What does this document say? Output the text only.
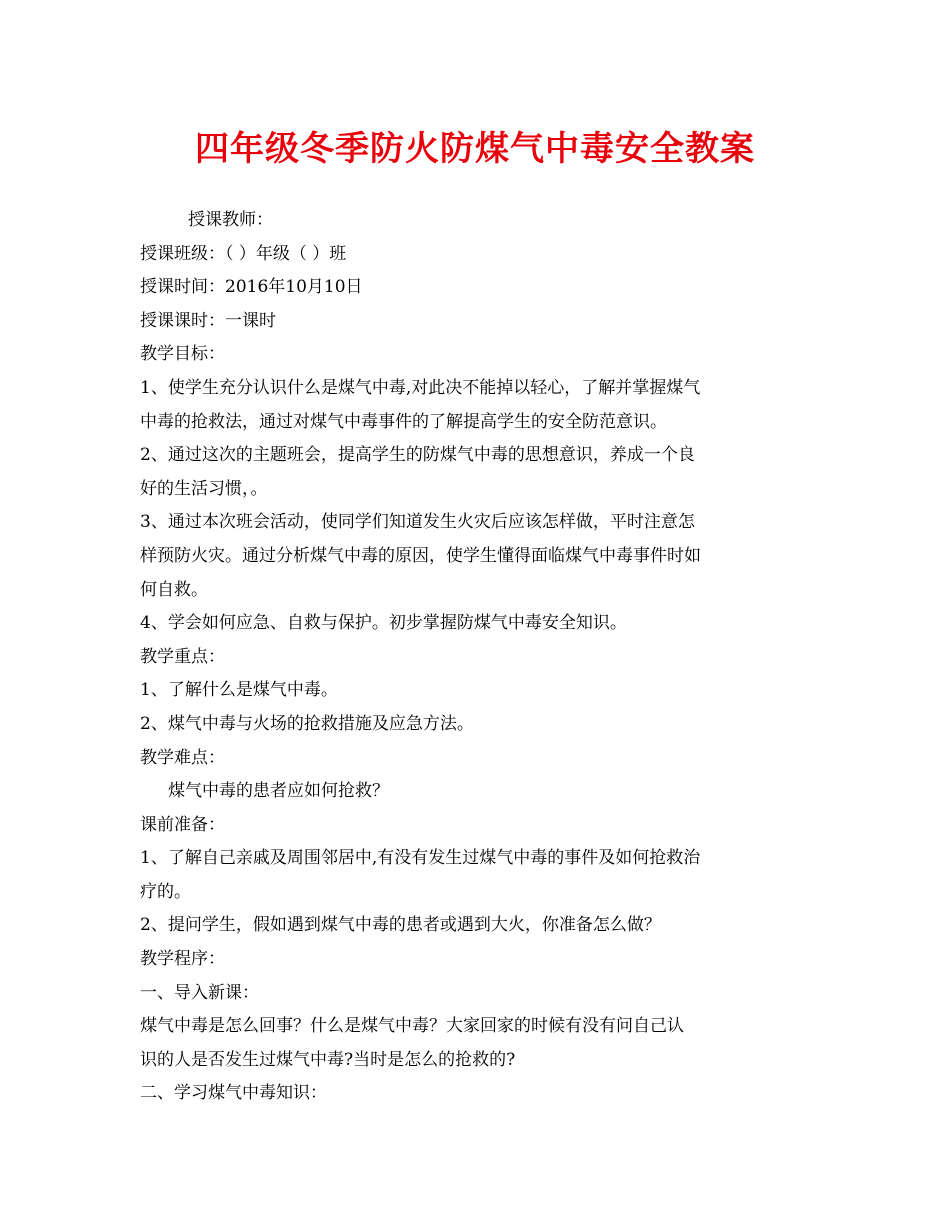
四年级冬季防火防煤气中毒安全教案
授课教师：
授课班级：（ ）年级（ ）班
授课时间：2016年10月10日
授课课时：一课时
教学目标：
1、使学生充分认识什么是煤气中毒,对此决不能掉以轻心，了解并掌握煤气
中毒的抢救法，通过对煤气中毒事件的了解提高学生的安全防范意识。
2、通过这次的主题班会，提高学生的防煤气中毒的思想意识，养成一个良
好的生活习惯，。
3、通过本次班会活动，使同学们知道发生火灾后应该怎样做，平时注意怎
样预防火灾。通过分析煤气中毒的原因，使学生懂得面临煤气中毒事件时如
何自救。
4、学会如何应急、自救与保护。初步掌握防煤气中毒安全知识。
教学重点：
1、了解什么是煤气中毒。
2、煤气中毒与火场的抢救措施及应急方法。
教学难点：
煤气中毒的患者应如何抢救？
课前准备：
1、了解自己亲戚及周围邻居中,有没有发生过煤气中毒的事件及如何抢救治
疗的。
2、提问学生，假如遇到煤气中毒的患者或遇到大火，你准备怎么做？
教学程序：
一、导入新课：
煤气中毒是怎么回事？什么是煤气中毒？大家回家的时候有没有问自己认
识的人是否发生过煤气中毒?当时是怎么的抢救的?
二、学习煤气中毒知识：
